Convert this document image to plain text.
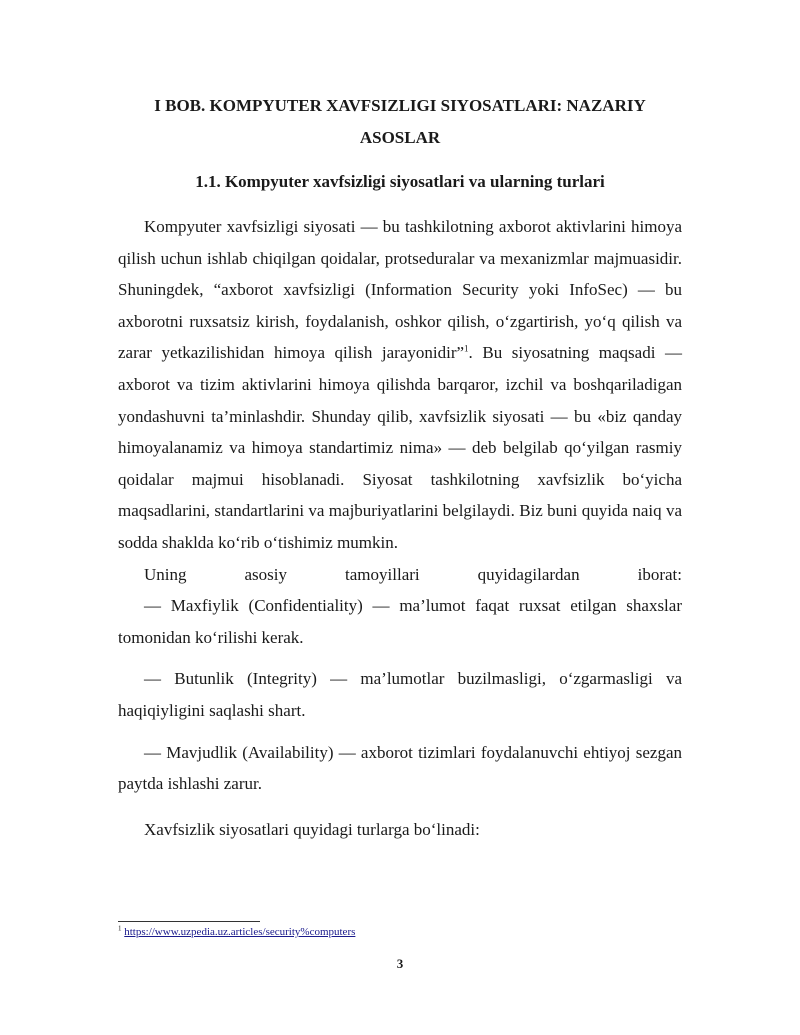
I BOB. KOMPYUTER XAVFSIZLIGI SIYOSATLARI: NAZARIY
ASOSLAR
1.1. Kompyuter xavfsizligi siyosatlari va ularning turlari

Kompyuter xavfsizligi siyosati — bu tashkilotning axborot aktivlarini himoya qilish uchun ishlab chiqilgan qoidalar, protseduralar va mexanizmlar majmuasidir. Shuningdek, “axborot xavfsizligi (Information Security yoki InfoSec) — bu axborotni ruxsatsiz kirish, foydalanish, oshkor qilish, o‘zgartirish, yo‘q qilish va zarar yetkazilishidan himoya qilish jarayonidir”$^1$. Bu siyosatning maqsadi — axborot va tizim aktivlarini himoya qilishda barqaror, izchil va boshqariladigan yondashuvni ta’minlashdir. Shunday qilib, xavfsizlik siyosati — bu «biz qanday himoyalanamiz va himoya standartimiz nima» — deb belgilab qo‘yilgan rasmiy qoidalar majmui hisoblanadi. Siyosat tashkilotning xavfsizlik bo‘yicha maqsadlarini, standartlarini va majburiyatlarini belgilaydi. Biz buni quyida naiq va sodda shaklda ko‘rib o‘tishimiz mumkin.

Uning asosiy tamoyillari quyidagilardan iborat:

— Maxfiylik (Confidentiality) — ma’lumot faqat ruxsat etilgan shaxslar tomonidan ko‘rilishi kerak.

— Butunlik (Integrity) — ma’lumotlar buzilmasligi, o‘zgarmasligi va haqiqiyligini saqlashi shart.

— Mavjudlik (Availability) — axborot tizimlari foydalanuvchi ehtiyoj sezgan paytda ishlashi zarur.

Xavfsizlik siyosatlari quyidagi turlarga bo‘linadi:

$^1$ https://www.uzpedia.uz.articles/security%computers
3
